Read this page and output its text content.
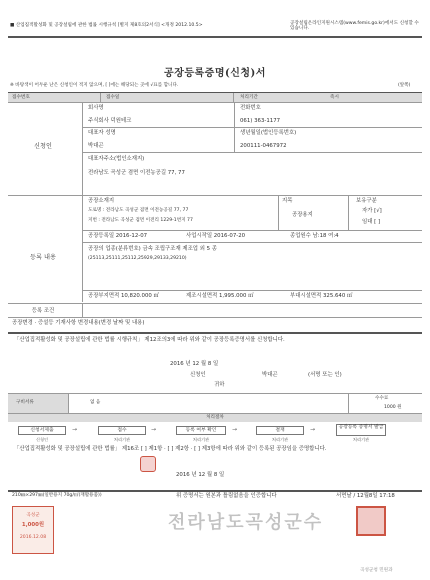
■ 산업집적활성화 및 공장설립에 관한 법률 시행규칙 [별지 제8호의2서식] <개정 2012.10.5>	공장설립온라인지원시스템(www.femis.go.kr)에서도 신청할 수 있습니다.
공장등록증명(신청)서
(앞쪽)
※ 바탕색이 어두운 난은 신청인이 적지 않으며, [ ]에는 해당되는 곳에 √표를 합니다.
접수번호	접수일	처리기간	즉시
신청인
회사명
주식회사 덕원테크
전화번호
061) 363-1177
대표자 성명
박대곤
생년월일(법인등록번호)
200111-0467972
대표자주소(법인소재지)
전라남도 곡성군 겸면 이전농공길 77, 77
등록 내용
공장소재지
도로명 : 전라남도 곡성군 겸면 이전농공길 77, 77
지번 : 전라남도 곡성군 겸면 이전리 1229-1번지 77
지목
공장용지
보유구분
자가 [√]
임대 [ ]
공장등록일 2016-12-07	사업시작일 2016-07-20	종업원수 남:18 여:4
공장의 업종(분류번호) 금속 조립구조재 제조업 외 5 종
(25113,25111,25112,25929,29133,29210)
공장부지면적 10,820.000 ㎡	제조시설면적 1,995.000 ㎡	부대시설면적 325.640 ㎡
등록 조건
공장변경 · 증설등 기재사항 변경내용(변경 날짜 및 내용)
「산업집적활성화 및 공장설립에 관한 법률 시행규칙」 제12조의3에 따라 위와 같이 공장등록증명서를 신청합니다.
2016 년 12 월 8 일
신청인	박대곤	(서명 또는 인)
귀하
구비서류	없 음
수수료
1000 원
처리절차
신청서제출	→	접수	→	등록 여부 확인	→	결재	→	공장등록 증명서 발급
신청인	처리기관	처리기관	처리기관	처리기관
「산업집적활성화 및 공장설립에 관한 법률」 제16조 [ ] 제1항 · [ ] 제2항 · [ ] 제3항에 따라 위와 같이 등록된 공장임을 증명합니다.
2016 년 12 월 8 일
210㎜×297㎜(일반용지 70g/㎡(재활용품))	위 증명서는 원본과 틀림없음을 인증합니다	서면날 / 12월8일 17:18
전라남도곡성군수
곡성군
1,000원
2016.12.08
곡성군청 민원과
